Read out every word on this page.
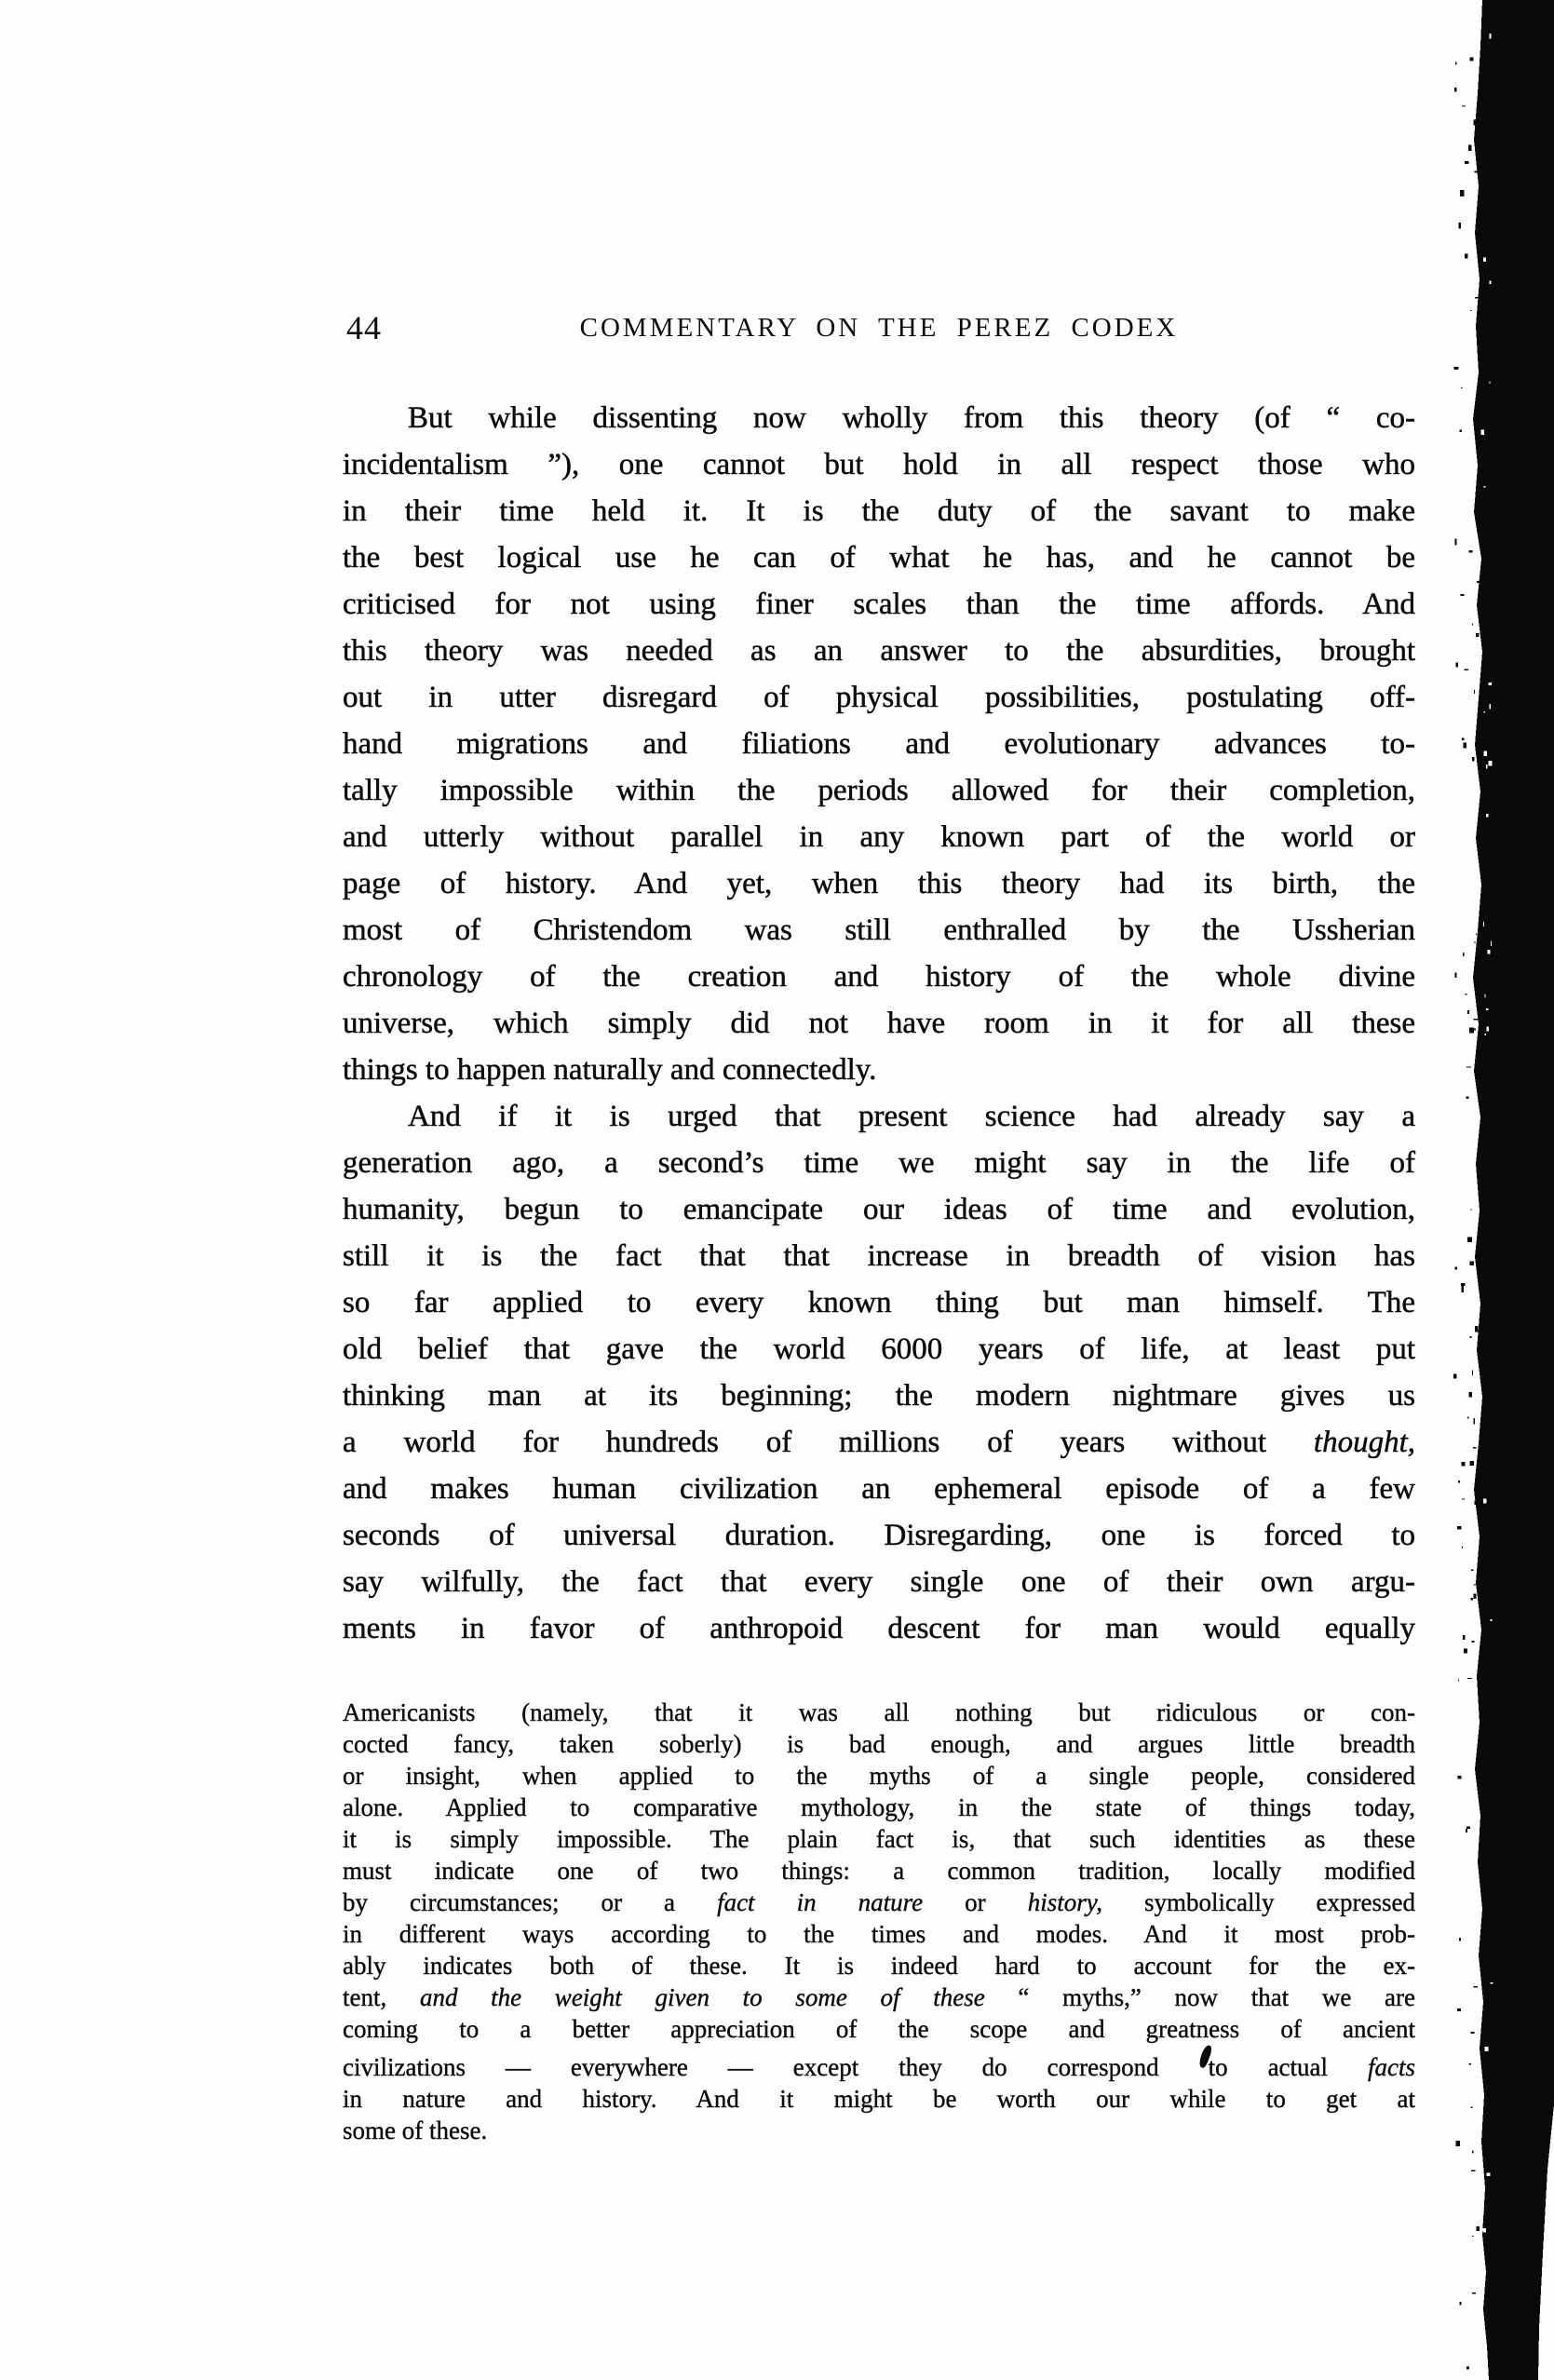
44	COMMENTARY ON THE PEREZ CODEX
But while dissenting now wholly from this theory (of “ co-
incidentalism ”), one cannot but hold in all respect those who
in their time held it. It is the duty of the savant to make
the best logical use he can of what he has, and he cannot be
criticised for not using finer scales than the time affords. And
this theory was needed as an answer to the absurdities, brought
out in utter disregard of physical possibilities, postulating off-
hand migrations and filiations and evolutionary advances to-
tally impossible within the periods allowed for their completion,
and utterly without parallel in any known part of the world or
page of history. And yet, when this theory had its birth, the
most of Christendom was still enthralled by the Ussherian
chronology of the creation and history of the whole divine
universe, which simply did not have room in it for all these
things to happen naturally and connectedly.
And if it is urged that present science had already say a
generation ago, a second’s time we might say in the life of
humanity, begun to emancipate our ideas of time and evolution,
still it is the fact that that increase in breadth of vision has
so far applied to every known thing but man himself. The
old belief that gave the world 6000 years of life, at least put
thinking man at its beginning; the modern nightmare gives us
a world for hundreds of millions of years without thought,
and makes human civilization an ephemeral episode of a few
seconds of universal duration. Disregarding, one is forced to
say wilfully, the fact that every single one of their own argu-
ments in favor of anthropoid descent for man would equally
Americanists (namely, that it was all nothing but ridiculous or con-
cocted fancy, taken soberly) is bad enough, and argues little breadth
or insight, when applied to the myths of a single people, considered
alone. Applied to comparative mythology, in the state of things today,
it is simply impossible. The plain fact is, that such identities as these
must indicate one of two things: a common tradition, locally modified
by circumstances; or a fact in nature or history, symbolically expressed
in different ways according to the times and modes. And it most prob-
ably indicates both of these. It is indeed hard to account for the ex-
tent, and the weight given to some of these “ myths,” now that we are
coming to a better appreciation of the scope and greatness of ancient
civilizations — everywhere — except they do correspond to actual facts
in nature and history. And it might be worth our while to get at
some of these.
